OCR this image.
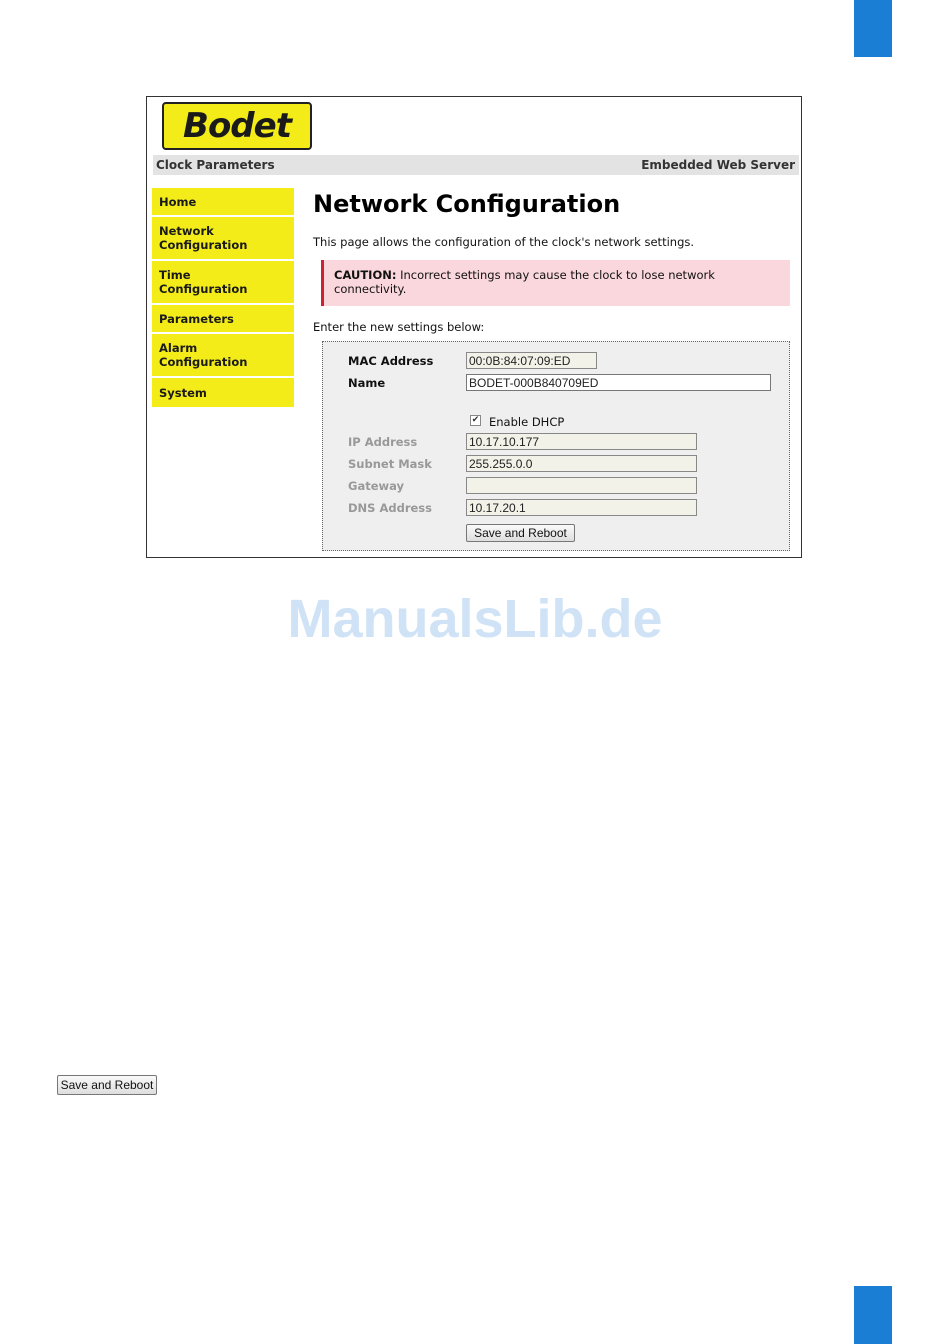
Bodet
Clock Parameters	Embedded Web Server
Home
Network
Configuration
Time
Configuration
Parameters
Alarm
Configuration
System
Network Configuration
This page allows the configuration of the clock's network settings.
CAUTION: Incorrect settings may cause the clock to lose network connectivity.
Enter the new settings below:
MAC Address	00:0B:84:07:09:ED
Name	BODET-000B840709ED
✔ Enable DHCP
IP Address	10.17.10.177
Subnet Mask	255.255.0.0
Gateway
DNS Address	10.17.20.1
Save and Reboot
ManualsLib.de
Save and Reboot
